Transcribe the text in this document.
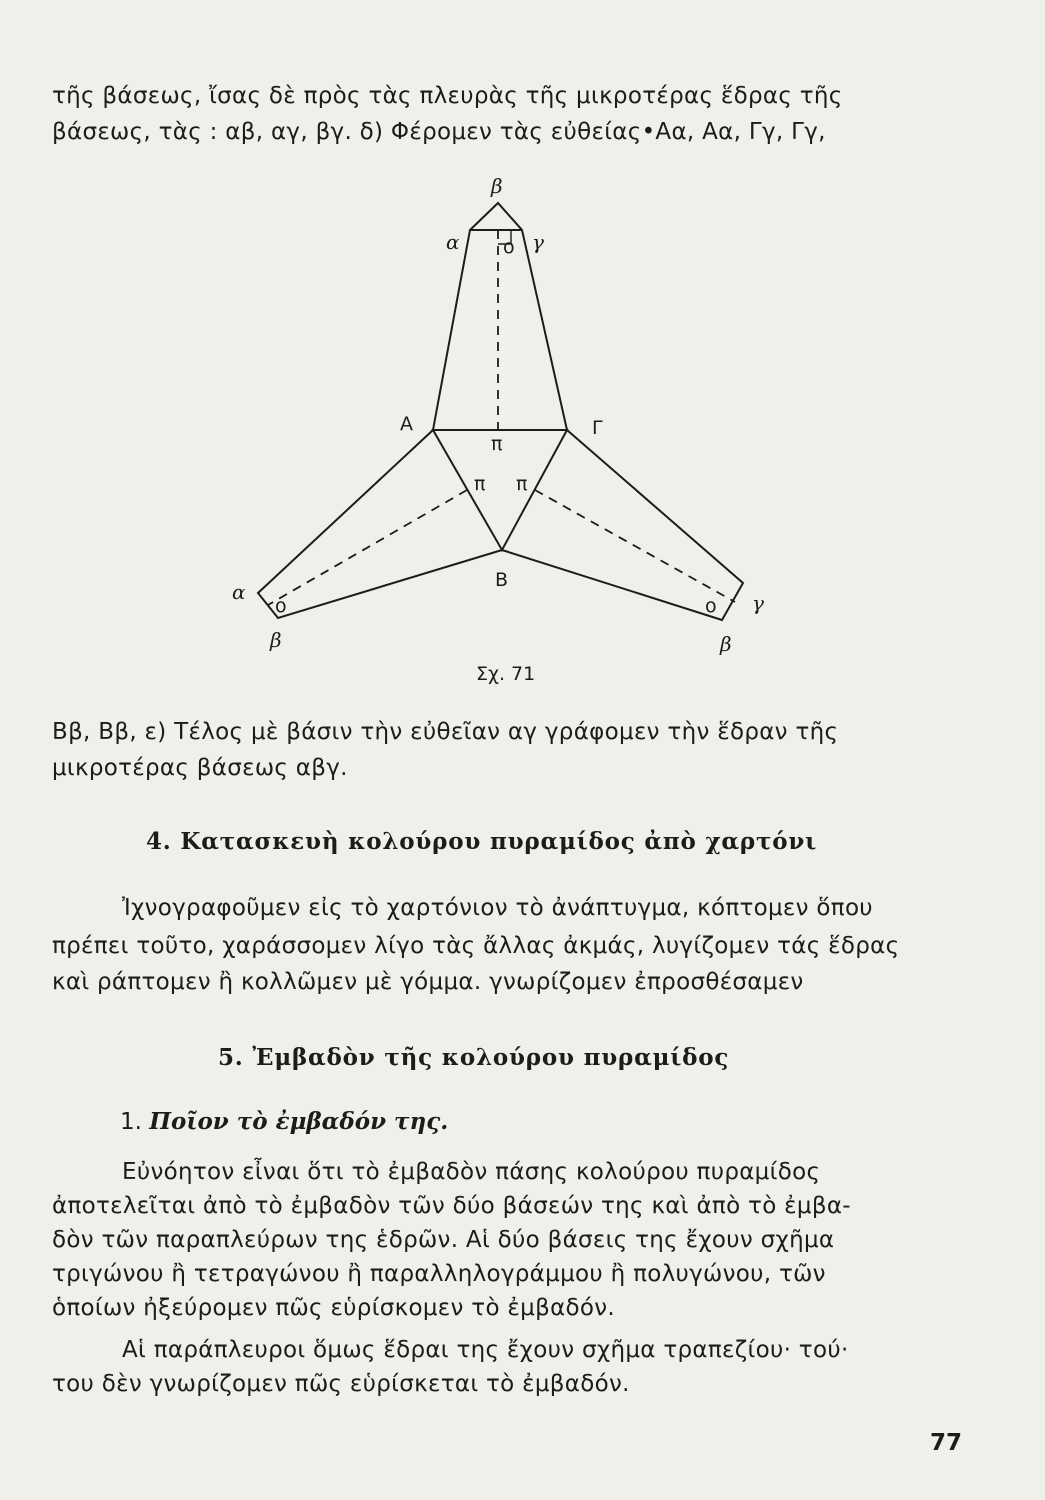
τῆς βάσεως, ἴσας δὲ πρὸς τὰς πλευρὰς τῆς μικροτέρας ἕδρας τῆς
βάσεως, τὰς : αβ, αγ, βγ. δ) Φέρομεν τὰς εὐθείας•Αα, Αα, Γγ, Γγ,
β
α	γ
ο
Α	Γ
π
π π
Β
α
ο
β
ο γ
β
Σχ. 71
Ββ, Ββ, ε) Τέλος μὲ βάσιν τὴν εὐθεῖαν αγ γράφομεν τὴν ἕδραν τῆς
μικροτέρας βάσεως αβγ.
4. Κατασκευὴ κολούρου πυραμίδος ἀπὸ χαρτόνι
Ἰχνογραφοῦμεν εἰς τὸ χαρτόνιον τὸ ἀνάπτυγμα, κόπτομεν ὅπου
πρέπει τοῦτο, χαράσσομεν λίγο τὰς ἄλλας ἀκμάς, λυγίζομεν τάς ἕδρας
καὶ ράπτομεν ἢ κολλῶμεν μὲ γόμμα. γνωρίζομεν ἐπροσθέσαμεν
5. Ἐμβαδὸν τῆς κολούρου πυραμίδος
1. Ποῖον τὸ ἐμβαδόν της.
Εὐνόητον εἶναι ὅτι τὸ ἐμβαδὸν πάσης κολούρου πυραμίδος
ἀποτελεῖται ἀπὸ τὸ ἐμβαδὸν τῶν δύο βάσεών της καὶ ἀπὸ τὸ ἐμβα-
δὸν τῶν παραπλεύρων της ἑδρῶν. Αἱ δύο βάσεις της ἔχουν σχῆμα
τριγώνου ἢ τετραγώνου ἢ παραλληλογράμμου ἢ πολυγώνου, τῶν
ὁποίων ἠξεύρομεν πῶς εὑρίσκομεν τὸ ἐμβαδόν.
Αἱ παράπλευροι ὅμως ἕδραι της ἔχουν σχῆμα τραπεζίου· τού·
του δὲν γνωρίζομεν πῶς εὑρίσκεται τὸ ἐμβαδόν.
77
